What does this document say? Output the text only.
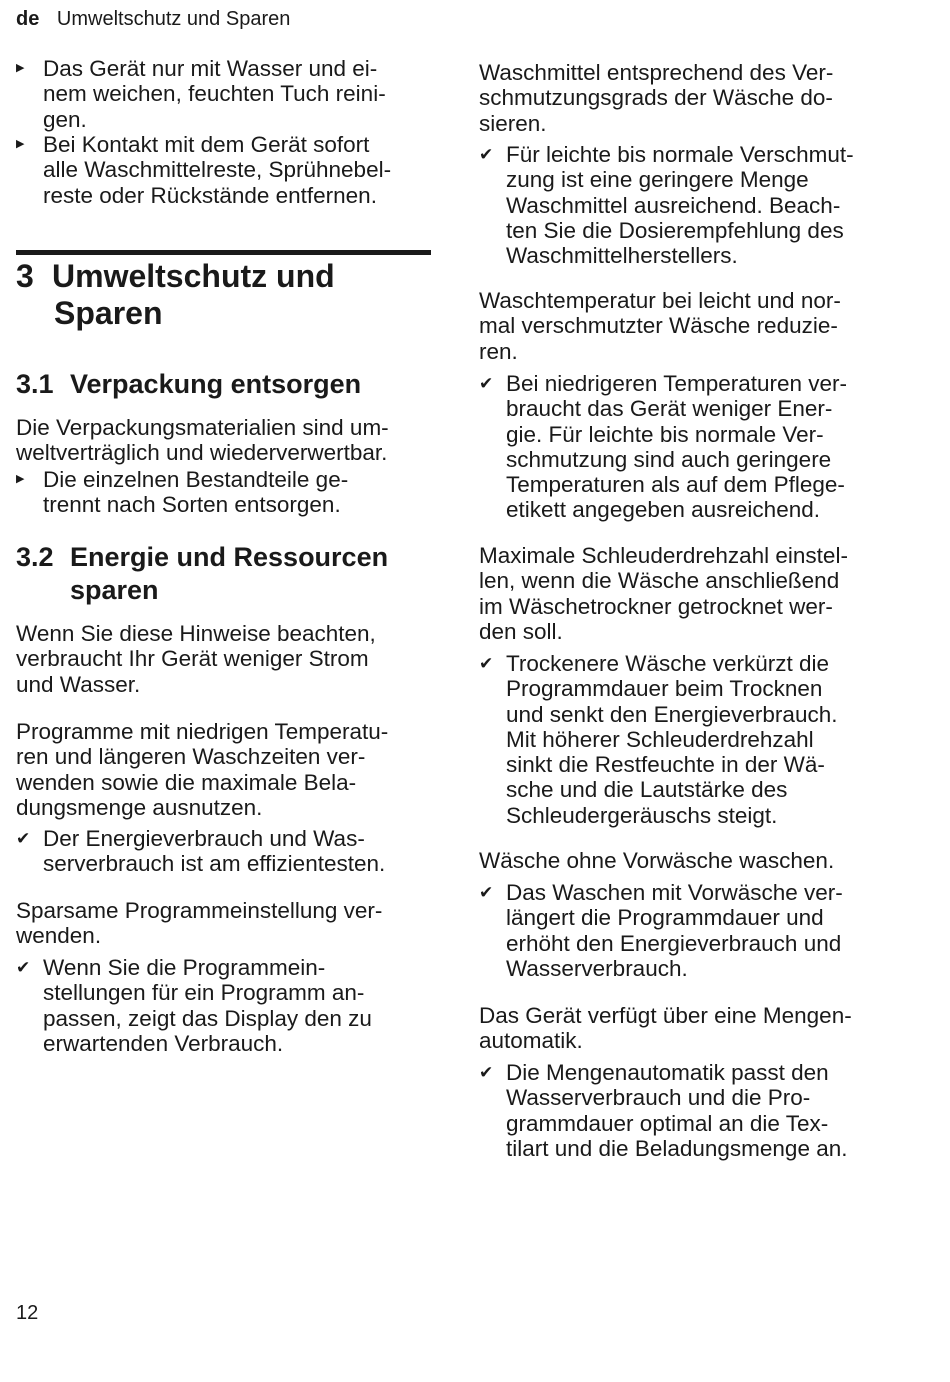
de Umweltschutz und Sparen
▶ Das Gerät nur mit Wasser und ei-
nem weichen, feuchten Tuch reini-
gen.
▶ Bei Kontakt mit dem Gerät sofort
alle Waschmittelreste, Sprühnebel-
reste oder Rückstände entfernen.
3 Umweltschutz und
Sparen
3.1 Verpackung entsorgen

Die Verpackungsmaterialien sind um-
weltverträglich und wiederverwertbar.

▶ Die einzelnen Bestandteile ge-
trennt nach Sorten entsorgen.
3.2 Energie und Ressourcen
sparen

Wenn Sie diese Hinweise beachten,
verbraucht Ihr Gerät weniger Strom
und Wasser.

Programme mit niedrigen Temperatu-
ren und längeren Waschzeiten ver-
wenden sowie die maximale Bela-
dungsmenge ausnutzen.

✔ Der Energieverbrauch und Was-
serverbrauch ist am effizientesten.

Sparsame Programmeinstellung ver-
wenden.

✔ Wenn Sie die Programmein-
stellungen für ein Programm an-
passen, zeigt das Display den zu
erwartenden Verbrauch.

Waschmittel entsprechend des Ver-
schmutzungsgrads der Wäsche do-
sieren.

✔ Für leichte bis normale Verschmut-
zung ist eine geringere Menge
Waschmittel ausreichend. Beach-
ten Sie die Dosierempfehlung des
Waschmittelherstellers.

Waschtemperatur bei leicht und nor-
mal verschmutzter Wäsche reduzie-
ren.

✔ Bei niedrigeren Temperaturen ver-
braucht das Gerät weniger Ener-
gie. Für leichte bis normale Ver-
schmutzung sind auch geringere
Temperaturen als auf dem Pflege-
etikett angegeben ausreichend.

Maximale Schleuderdrehzahl einstel-
len, wenn die Wäsche anschließend
im Wäschetrockner getrocknet wer-
den soll.

✔ Trockenere Wäsche verkürzt die
Programmdauer beim Trocknen
und senkt den Energieverbrauch.
Mit höherer Schleuderdrehzahl
sinkt die Restfeuchte in der Wä-
sche und die Lautstärke des
Schleudergeräuschs steigt.

Wäsche ohne Vorwäsche waschen.

✔ Das Waschen mit Vorwäsche ver-
längert die Programmdauer und
erhöht den Energieverbrauch und
Wasserverbrauch.

Das Gerät verfügt über eine Mengen-
automatik.

✔ Die Mengenautomatik passt den
Wasserverbrauch und die Pro-
grammdauer optimal an die Tex-
tilart und die Beladungsmenge an.
12
